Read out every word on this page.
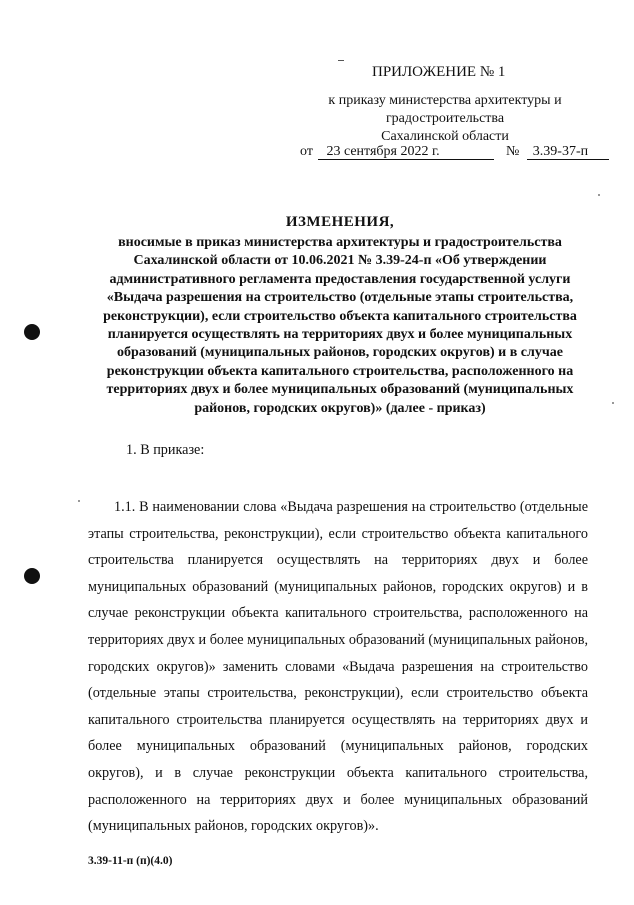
ПРИЛОЖЕНИЕ № 1
к приказу министерства архитектуры и
градостроительства
Сахалинской области
от 23 сентября 2022 г.	№ 3.39-37-п
ИЗМЕНЕНИЯ,
вносимые в приказ министерства архитектуры и градостроительства Сахалинской области от 10.06.2021 № 3.39-24-п «Об утверждении административного регламента предоставления государственной услуги «Выдача разрешения на строительство (отдельные этапы строительства, реконструкции), если строительство объекта капитального строительства планируется осуществлять на территориях двух и более муниципальных образований (муниципальных районов, городских округов) и в случае реконструкции объекта капитального строительства, расположенного на территориях двух и более муниципальных образований (муниципальных районов, городских округов)» (далее - приказ)
1. В приказе:
1.1. В наименовании слова «Выдача разрешения на строительство (отдельные этапы строительства, реконструкции), если строительство объекта капитального строительства планируется осуществлять на территориях двух и более муниципальных образований (муниципальных районов, городских округов) и в случае реконструкции объекта капитального строительства, расположенного на территориях двух и более муниципальных образований (муниципальных районов, городских округов)» заменить словами «Выдача разрешения на строительство (отдельные этапы строительства, реконструкции), если строительство объекта капитального строительства планируется осуществлять на территориях двух и более муниципальных образований (муниципальных районов, городских округов), и в случае реконструкции объекта капитального строительства, расположенного на территориях двух и более муниципальных образований (муниципальных районов, городских округов)».
3.39-11-п (п)(4.0)
